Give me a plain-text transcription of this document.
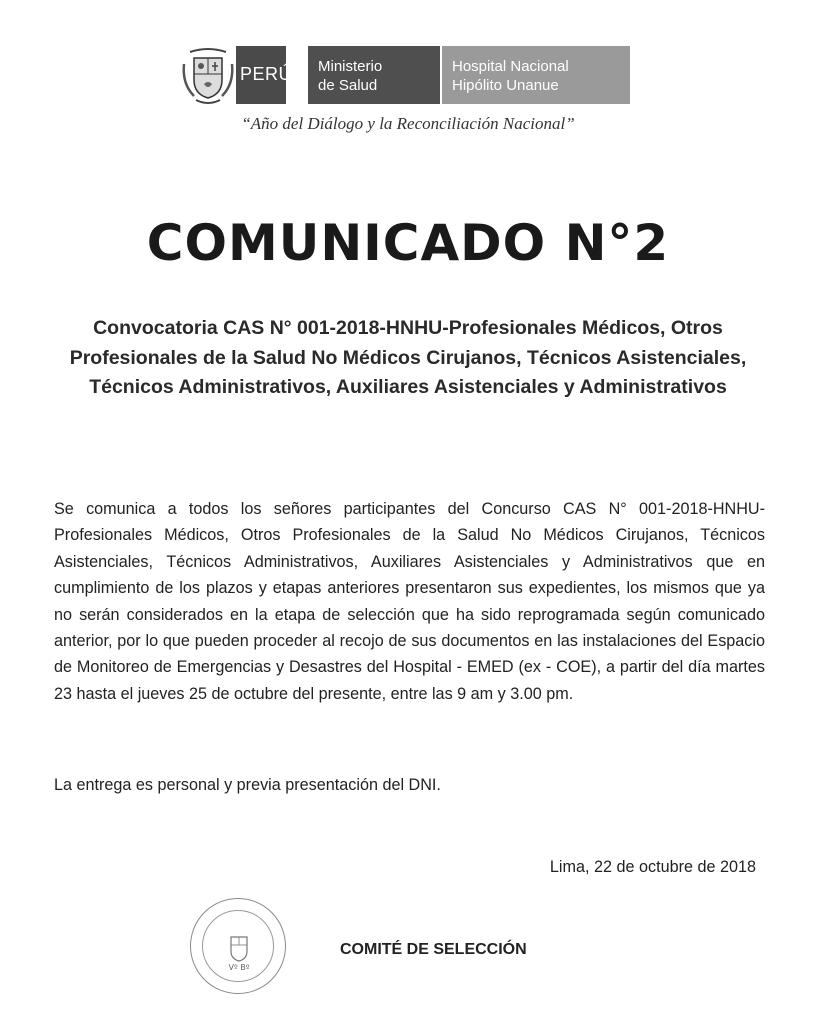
PERÚ Ministerio
de Salud
Hospital Nacional
Hipólito Unanue
“Año del Diálogo y la Reconciliación Nacional”
COMUNICADO N°2
Convocatoria CAS N° 001-2018-HNHU-Profesionales Médicos, Otros Profesionales de la Salud No Médicos Cirujanos, Técnicos Asistenciales, Técnicos Administrativos, Auxiliares Asistenciales y Administrativos
Se comunica a todos los señores participantes del Concurso CAS N° 001-2018-HNHU-Profesionales Médicos, Otros Profesionales de la Salud No Médicos Cirujanos, Técnicos Asistenciales, Técnicos Administrativos, Auxiliares Asistenciales y Administrativos que en cumplimiento de los plazos y etapas anteriores presentaron sus expedientes, los mismos que ya no serán considerados en la etapa de selección que ha sido reprogramada según comunicado anterior, por lo que pueden proceder al recojo de sus documentos en las instalaciones del Espacio de Monitoreo de Emergencias y Desastres del Hospital - EMED (ex - COE), a partir del día martes 23 hasta el jueves 25 de octubre del presente, entre las 9 am y 3.00 pm.
La entrega es personal y previa presentación del DNI.
Lima, 22 de octubre de 2018
Vº Bº
COMITÉ DE SELECCIÓN
